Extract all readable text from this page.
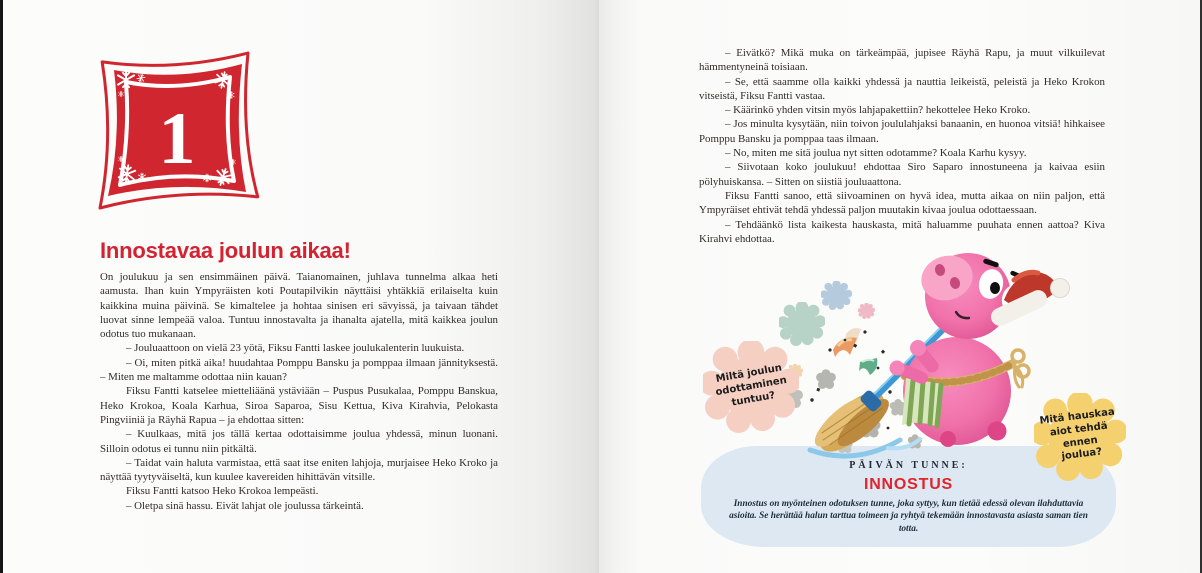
1
Innostavaa joulun aikaa!

On joulukuu ja sen ensimmäinen päivä. Taianomainen, juhlava tunnelma alkaa heti aamusta. Ihan kuin Ympyräisten koti Poutapilvikin näyttäisi yhtäkkiä erilaiselta kuin kaikkina muina päivinä. Se kimaltelee ja hohtaa sinisen eri sävyissä, ja taivaan tähdet luovat sinne lempeää valoa. Tuntuu innostavalta ja ihanalta ajatella, mitä kaikkea joulun odotus tuo mukanaan.

– Jouluaattoon on vielä 23 yötä, Fiksu Fantti laskee joulukalenterin luukuista.

– Oi, miten pitkä aika! huudahtaa Pomppu Bansku ja pomppaa ilmaan jännityksestä. – Miten me maltamme odottaa niin kauan?

Fiksu Fantti katselee mietteliäänä ystäviään – Puspus Pusukalaa, Pomppu Banskua, Heko Krokoa, Koala Karhua, Siroa Saparoa, Sisu Kettua, Kiva Kirahvia, Pelokasta Pingviiniä ja Räyhä Rapua – ja ehdottaa sitten:

– Kuulkaas, mitä jos tällä kertaa odottaisimme joulua yhdessä, minun luonani. Silloin odotus ei tunnu niin pitkältä.

– Taidat vain haluta varmistaa, että saat itse eniten lahjoja, murjaisee Heko Kroko ja näyttää tyytyväiseltä, kun kuulee kavereiden hihittävän vitsille.

Fiksu Fantti katsoo Heko Krokoa lempeästi.

– Oletpa sinä hassu. Eivät lahjat ole joulussa tärkeintä.

– Eivätkö? Mikä muka on tärkeämpää, jupisee Räyhä Rapu, ja muut vilkuilevat hämmentyneinä toisiaan.

– Se, että saamme olla kaikki yhdessä ja nauttia leikeistä, peleistä ja Heko Krokon vitseistä, Fiksu Fantti vastaa.

– Käärinkö yhden vitsin myös lahjapakettiin? hekottelee Heko Kroko.

– Jos minulta kysytään, niin toivon joululahjaksi banaanin, en huonoa vitsiä! hihkaisee Pomppu Bansku ja pomppaa taas ilmaan.

– No, miten me sitä joulua nyt sitten odotamme? Koala Karhu kysyy.

– Siivotaan koko joulukuu! ehdottaa Siro Saparo innostuneena ja kaivaa esiin pölyhuiskansa. – Sitten on siistiä jouluaattona.

Fiksu Fantti sanoo, että siivoaminen on hyvä idea, mutta aikaa on niin paljon, että Ympyräiset ehtivät tehdä yhdessä paljon muutakin kivaa joulua odottaessaan.

– Tehdäänkö lista kaikesta hauskasta, mitä haluamme puuhata ennen aattoa? Kiva Kirahvi ehdottaa.

PÄIVÄN TUNNE:

INNOSTUS

Innostus on myönteinen odotuksen tunne, joka syttyy, kun tietää edessä olevan ilahduttavia asioita. Se herättää halun tarttua toimeen ja ryhtyä tekemään innostavasta asiasta saman tien totta.

Miltä joulun odottaminen tuntuu?
Mitä hauskaa aiot tehdä ennen joulua?
